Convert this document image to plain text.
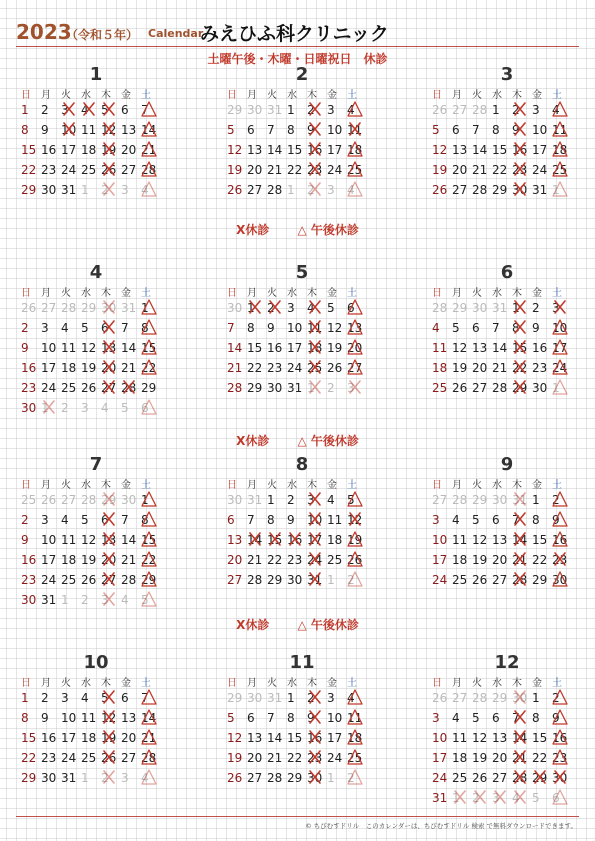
2023
（令和５年） Calendar
みえひふ科クリニック
土曜午後・木曜・日曜祝日　休診
1
日	月	火	水	木	金	土
1	2	3	4	5	6	7
8	9	10 11 12 13 14
15 16 17 18 19 20 21
22 23 24 25 26 27 28
29 30 31 1	2	3	4
2
日	月	火	水	木	金	土
29 30 31 1	2	3	4
5	6	7	8	9	10 11
12 13 14 15 16 17 18
19 20 21 22 23 24 25
26 27 28 1	2	3	4
3
日	月	火	水	木	金	土
26 27 28 1	2	3	4
5	6	7	8	9	10 11
12 13 14 15 16 17 18
19 20 21 22 23 24 25
26 27 28 29 30 31 1
4
日	月	火	水	木	金	土
26 27 28 29 30 31 1
2	3	4	5	6	7	8
9	10 11 12 13 14 15
16 17 18 19 20 21 22
23 24 25 26 27 28 29
30 1	2	3	4	5	6
5
日	月	火	水	木	金	土
30 1	2	3	4	5	6
7	8	9	10 11 12 13
14 15 16 17 18 19 20
21 22 23 24 25 26 27
28 29 30 31 1	2	3
6
日	月	火	水	木	金	土
28 29 30 31 1	2	3
4	5	6	7	8	9	10
11 12 13 14 15 16 17
18 19 20 21 22 23 24
25 26 27 28 29 30 1
7
日	月	火	水	木	金	土
25 26 27 28 29 30 1
2	3	4	5	6	7	8
9	10 11 12 13 14 15
16 17 18 19 20 21 22
23 24 25 26 27 28 29
30 31 1	2	3	4	5
8
日	月	火	水	木	金	土
30 31 1	2	3	4	5
6	7	8	9	10 11 12
13 14 15 16 17 18 19
20 21 22 23 24 25 26
27 28 29 30 31 1	2
9
日	月	火	水	木	金	土
27 28 29 30 31 1	2
3	4	5	6	7	8	9
10 11 12 13 14 15 16
17 18 19 20 21 22 23
24 25 26 27 28 29 30
10
日	月	火	水	木	金	土
1	2	3	4	5	6	7
8	9	10 11 12 13 14
15 16 17 18 19 20 21
22 23 24 25 26 27 28
29 30 31 1	2	3	4
11
日	月	火	水	木	金	土
29 30 31 1	2	3	4
5	6	7	8	9	10 11
12 13 14 15 16 17 18
19 20 21 22 23 24 25
26 27 28 29 30 1	2
12
日	月	火	水	木	金	土
26 27 28 29 30 1	2
3	4	5	6	7	8	9
10 11 12 13 14 15 16
17 18 19 20 21 22 23
24 25 26 27 28 29 30
31 1	2	3	4	5	6
X休診 △ 午後休診
X休診 △ 午後休診
X休診 △ 午後休診
© ちびむすドリル　このカレンダーは、ちびむすドリル 検索 で無料ダウンロードできます。
